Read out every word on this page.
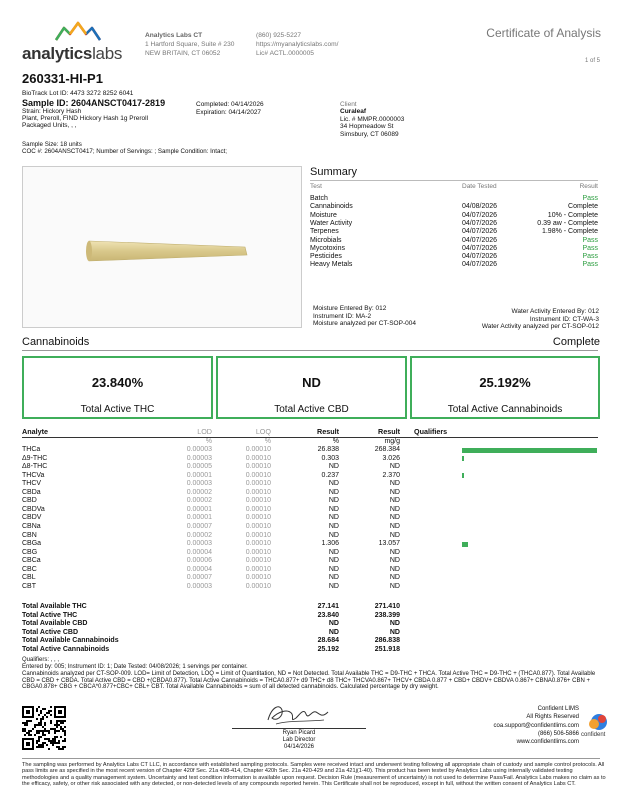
analyticslabs
Analytics Labs CT
1 Hartford Square, Suite # 230
NEW BRITAIN, CT 06052
(860) 925-5227
https://myanalyticslabs.com/
Lic# ACTL.0000005
Certificate of Analysis
1 of 5
260331-HI-P1
BioTrack Lot ID: 4473 3272 8252 6041
Sample ID: 2604ANSCT0417-2819
Strain: Hickory Hash
Plant, Preroll, FIND Hickory Hash 1g Preroll
Packaged Units, , ,
Completed: 04/14/2026
Expiration: 04/14/2027
Sample Size: 18 units
COC #: 2604ANSCT0417; Number of Servings: ; Sample Condition: Intact;
Client
Curaleaf
Lic. # MMPR.0000003
34 Hopmeadow St
Simsbury, CT 06089
Summary
Test	Date Tested	Result
Batch	Pass
Cannabinoids	04/08/2026	Complete
Moisture	04/07/2026	10% - Complete
Water Activity	04/07/2026	0.39 aw - Complete
Terpenes	04/07/2026	1.98% - Complete
Microbials	04/07/2026	Pass
Mycotoxins	04/07/2026	Pass
Pesticides	04/07/2026	Pass
Heavy Metals	04/07/2026	Pass
Moisture Entered By: 012
Instrument ID: MA-2
Moisture analyzed per CT-SOP-004
Water Activity Entered By: 012
Instrument ID: CT-WA-3
Water Activity analyzed per CT-SOP-012
Cannabinoids	Complete
23.840%
Total Active THC
ND
Total Active CBD
25.192%
Total Active Cannabinoids
Analyte	LOD	LOQ	Result	Result Qualifiers
%	%	%	mg/g
THCa	0.00003	0.00010	26.838	268.384
Δ9-THC	0.00003	0.00010	0.303	3.026
Δ8-THC	0.00005	0.00010	ND	ND
THCVa	0.00001	0.00010	0.237	2.370
THCV	0.00003	0.00010	ND	ND
CBDa	0.00002	0.00010	ND	ND
CBD	0.00002	0.00010	ND	ND
CBDVa	0.00001	0.00010	ND	ND
CBDV	0.00001	0.00010	ND	ND
CBNa	0.00007	0.00010	ND	ND
CBN	0.00002	0.00010	ND	ND
CBGa	0.00003	0.00010	1.306	13.057
CBG	0.00004	0.00010	ND	ND
CBCa	0.00006	0.00010	ND	ND
CBC	0.00004	0.00010	ND	ND
CBL	0.00007	0.00010	ND	ND
CBT	0.00003	0.00010	ND	ND
Total Available THC	27.141	271.410
Total Active THC	23.840	238.399
Total Available CBD	ND	ND
Total Active CBD	ND	ND
Total Available Cannabinoids	28.684	286.838
Total Active Cannabinoids	25.192	251.918
Qualifiers: , , ,
Entered by: 005; Instrument ID: 1; Date Tested: 04/08/2026; 1 servings per container.
Cannabinoids analyzed per CT-SOP-009. LOD= Limit of Detection, LOQ = Limit of Quantitation, ND = Not Detected. Total Available THC = D9-THC + THCA. Total Active THC = D9-THC + (THCA0.877). Total Available CBD = CBD + CBDA. Total Active CBD = CBD +(CBDA0.877). Total Active Cannabinoids = THCA0.877+ d9 THC+ d8 THC+ THCVA0.867+ THCV+ CBDA 0.877 + CBD+ CBDV+ CBDVA 0.867+ CBNA0.876+ CBN + CBGA0.878+ CBG + CBCA*0.877+CBC+ CBL+ CBT. Total Available Cannabinoids = sum of all detected cannabinoids. Calculated percentage by dry weight.
Ryan Picard
Lab Director
04/14/2026
Confident LIMS
All Rights Reserved
coa.support@confidentlims.com
(866) 506-5866
www.confidentlims.com
confident
The sampling was performed by Analytics Labs CT LLC, in accordance with established sampling protocols. Samples were received intact and underwent testing following all appropriate chain of custody and sample control protocols. All pass limits are as specified in the most recent version of Chapter 420f Sec. 21a 408-414, Chapter 420h Sec. 21a 420-429 and 21a 421j(1-40). This product has been tested by Analytics Labs using internally validated testing methodologies and a quality management system. Uncertainty and test condition information is available upon request. Decision Rule (measurement of uncertainty) is not used to determine Pass/Fail. Analytics Labs makes no claim as to the efficacy, safety, or other risk associated with any detected, or non-detected levels of any compounds reported herein. This Certificate shall not be reproduced, except in full, without the written consent of Analytics Labs CT.
